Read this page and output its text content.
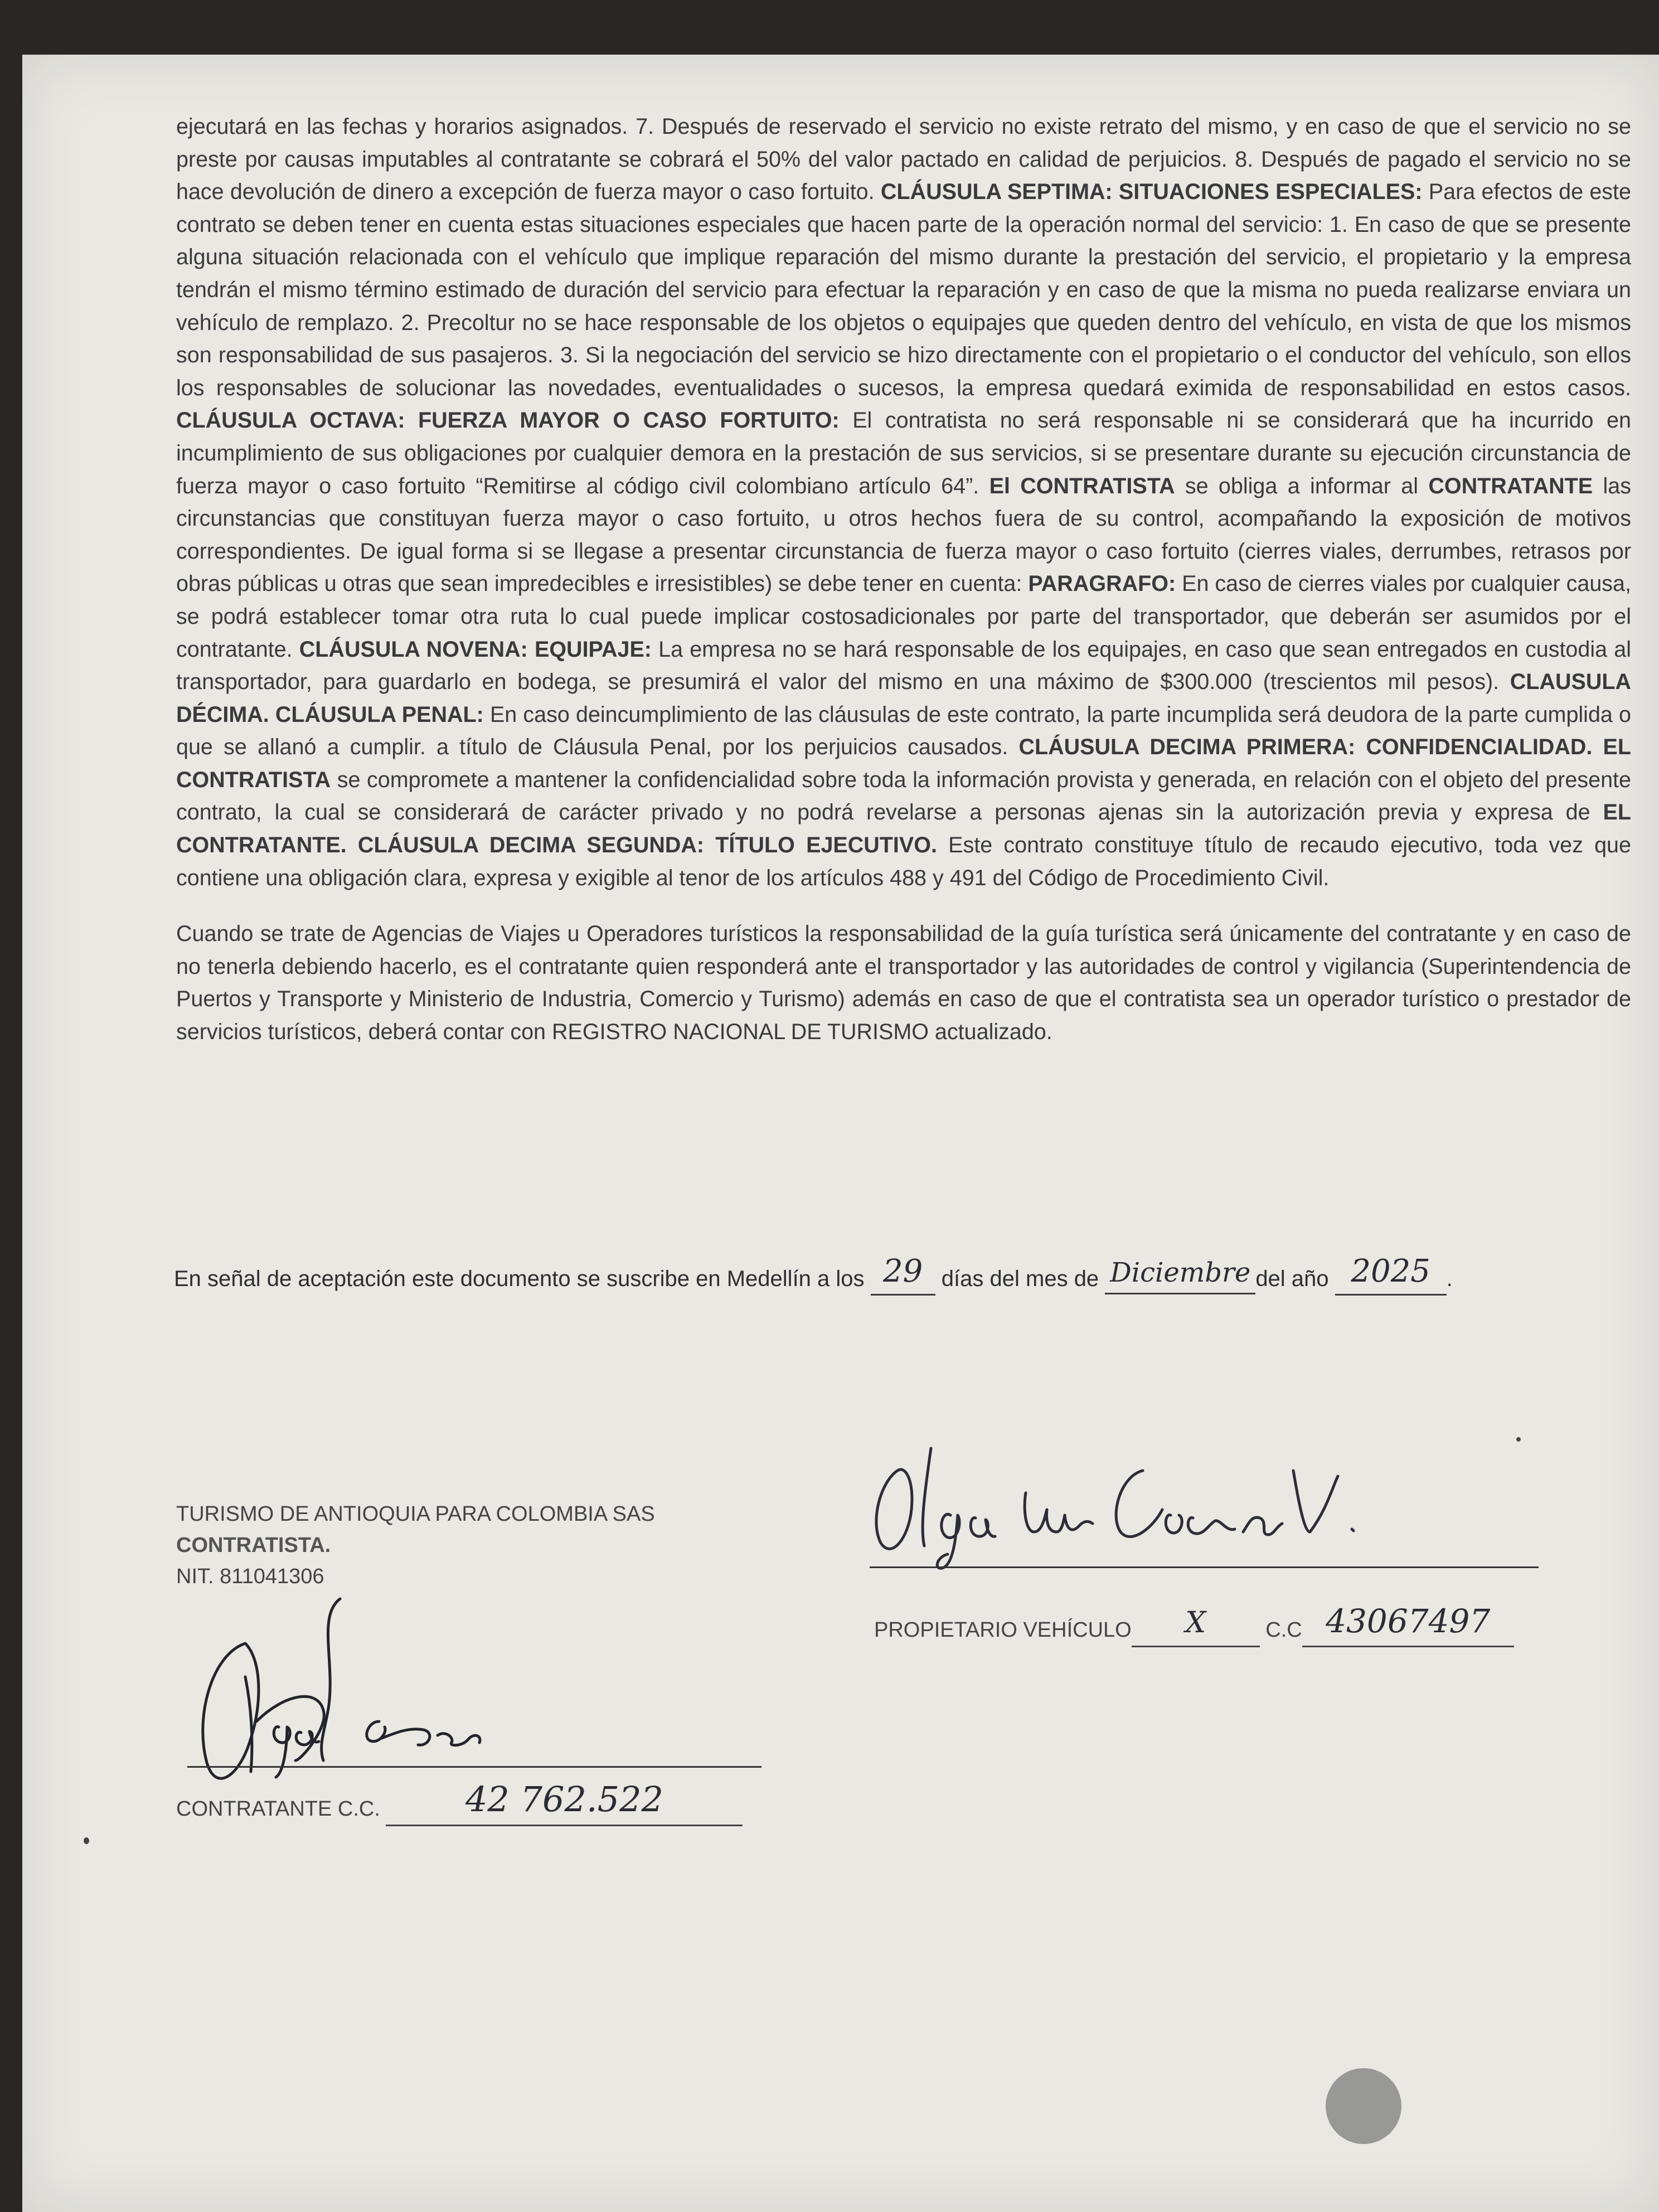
ejecutará en las fechas y horarios asignados. 7. Después de reservado el servicio no existe retrato del mismo, y en caso de que el servicio no se preste por causas imputables al contratante se cobrará el 50% del valor pactado en calidad de perjuicios. 8. Después de pagado el servicio no se hace devolución de dinero a excepción de fuerza mayor o caso fortuito. CLÁUSULA SEPTIMA: SITUACIONES ESPECIALES: Para efectos de este contrato se deben tener en cuenta estas situaciones especiales que hacen parte de la operación normal del servicio: 1. En caso de que se presente alguna situación relacionada con el vehículo que implique reparación del mismo durante la prestación del servicio, el propietario y la empresa tendrán el mismo término estimado de duración del servicio para efectuar la reparación y en caso de que la misma no pueda realizarse enviara un vehículo de remplazo. 2. Precoltur no se hace responsable de los objetos o equipajes que queden dentro del vehículo, en vista de que los mismos son responsabilidad de sus pasajeros. 3. Si la negociación del servicio se hizo directamente con el propietario o el conductor del vehículo, son ellos los responsables de solucionar las novedades, eventualidades o sucesos, la empresa quedará eximida de responsabilidad en estos casos. CLÁUSULA OCTAVA: FUERZA MAYOR O CASO FORTUITO: El contratista no será responsable ni se considerará que ha incurrido en incumplimiento de sus obligaciones por cualquier demora en la prestación de sus servicios, si se presentare durante su ejecución circunstancia de fuerza mayor o caso fortuito “Remitirse al código civil colombiano artículo 64”. El CONTRATISTA se obliga a informar al CONTRATANTE las circunstancias que constituyan fuerza mayor o caso fortuito, u otros hechos fuera de su control, acompañando la exposición de motivos correspondientes. De igual forma si se llegase a presentar circunstancia de fuerza mayor o caso fortuito (cierres viales, derrumbes, retrasos por obras públicas u otras que sean impredecibles e irresistibles) se debe tener en cuenta: PARAGRAFO: En caso de cierres viales por cualquier causa, se podrá establecer tomar otra ruta lo cual puede implicar costosadicionales por parte del transportador, que deberán ser asumidos por el contratante. CLÁUSULA NOVENA: EQUIPAJE: La empresa no se hará responsable de los equipajes, en caso que sean entregados en custodia al transportador, para guardarlo en bodega, se presumirá el valor del mismo en una máximo de $300.000 (trescientos mil pesos). CLAUSULA DÉCIMA. CLÁUSULA PENAL: En caso deincumplimiento de las cláusulas de este contrato, la parte incumplida será deudora de la parte cumplida o que se allanó a cumplir. a título de Cláusula Penal, por los perjuicios causados. CLÁUSULA DECIMA PRIMERA: CONFIDENCIALIDAD. EL CONTRATISTA se compromete a mantener la confidencialidad sobre toda la información provista y generada, en relación con el objeto del presente contrato, la cual se considerará de carácter privado y no podrá revelarse a personas ajenas sin la autorización previa y expresa de EL CONTRATANTE. CLÁUSULA DECIMA SEGUNDA: TÍTULO EJECUTIVO. Este contrato constituye título de recaudo ejecutivo, toda vez que contiene una obligación clara, expresa y exigible al tenor de los artículos 488 y 491 del Código de Procedimiento Civil.

Cuando se trate de Agencias de Viajes u Operadores turísticos la responsabilidad de la guía turística será únicamente del contratante y en caso de no tenerla debiendo hacerlo, es el contratante quien responderá ante el transportador y las autoridades de control y vigilancia (Superintendencia de Puertos y Transporte y Ministerio de Industria, Comercio y Turismo) además en caso de que el contratista sea un operador turístico o prestador de servicios turísticos, deberá contar con REGISTRO NACIONAL DE TURISMO actualizado.

En señal de aceptación este documento se suscribe en Medellín a los 29 días del mes de Diciembre del año 2025 .
PROPIETARIO VEHÍCULO X	C.C 43067497
TURISMO DE ANTIOQUIA PARA COLOMBIA SAS
CONTRATISTA.
NIT. 811041306
CONTRATANTE C.C. 42 762.522
